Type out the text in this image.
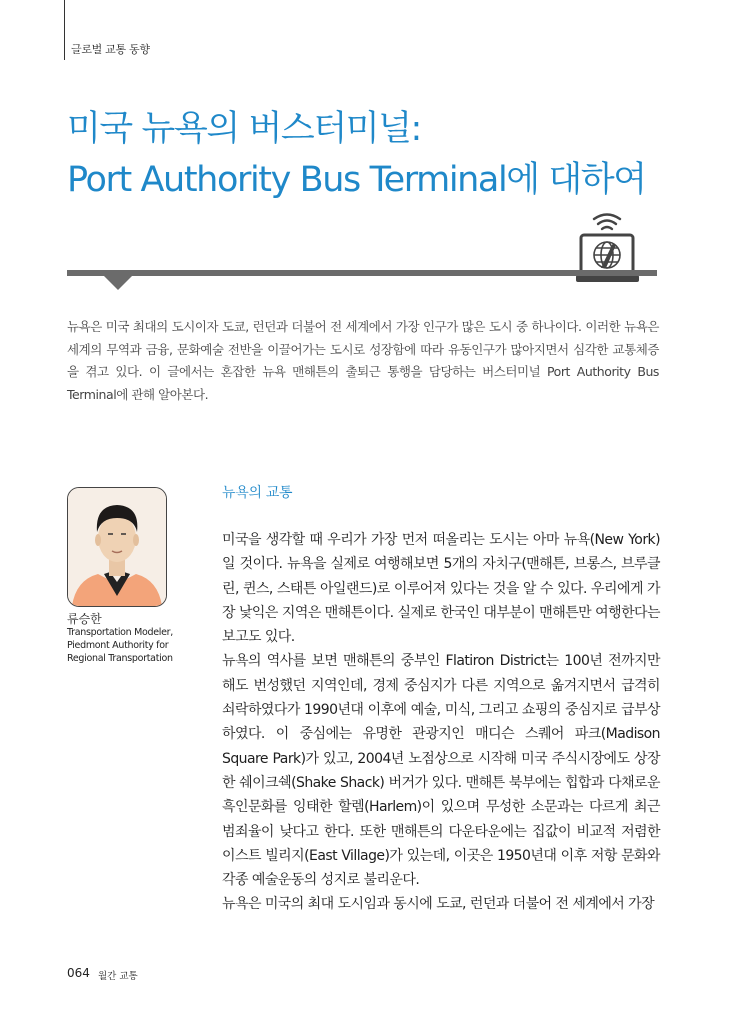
글로벌 교통 동향
미국 뉴욕의 버스터미널:
Port Authority Bus Terminal에 대하여

뉴욕은 미국 최대의 도시이자 도쿄, 런던과 더불어 전 세계에서 가장 인구가 많은 도시 중 하나이다. 이러한 뉴욕은 세계의 무역과 금융, 문화예술 전반을 이끌어가는 도시로 성장함에 따라 유동인구가 많아지면서 심각한 교통체증을 겪고 있다. 이 글에서는 혼잡한 뉴욕 맨해튼의 출퇴근 통행을 담당하는 버스터미널 Port Authority Bus Terminal에 관해 알아본다.

류승한
Transportation Modeler, Piedmont Authority for Regional Transportation
뉴욕의 교통

미국을 생각할 때 우리가 가장 먼저 떠올리는 도시는 아마 뉴욕(New York)일 것이다. 뉴욕을 실제로 여행해보면 5개의 자치구(맨해튼, 브롱스, 브루클린, 퀸스, 스태튼 아일랜드)로 이루어져 있다는 것을 알 수 있다. 우리에게 가장 낯익은 지역은 맨해튼이다. 실제로 한국인 대부분이 맨해튼만 여행한다는 보고도 있다.

뉴욕의 역사를 보면 맨해튼의 중부인 Flatiron District는 100년 전까지만 해도 번성했던 지역인데, 경제 중심지가 다른 지역으로 옮겨지면서 급격히 쇠락하였다가 1990년대 이후에 예술, 미식, 그리고 쇼핑의 중심지로 급부상하였다. 이 중심에는 유명한 관광지인 매디슨 스퀘어 파크(Madison Square Park)가 있고, 2004년 노점상으로 시작해 미국 주식시장에도 상장한 쉐이크쉑(Shake Shack) 버거가 있다. 맨해튼 북부에는 힙합과 다채로운 흑인문화를 잉태한 할렘(Harlem)이 있으며 무성한 소문과는 다르게 최근 범죄율이 낮다고 한다. 또한 맨해튼의 다운타운에는 집값이 비교적 저렴한 이스트 빌리지(East Village)가 있는데, 이곳은 1950년대 이후 저항 문화와 각종 예술운동의 성지로 불리운다.

뉴욕은 미국의 최대 도시임과 동시에 도쿄, 런던과 더불어 전 세계에서 가장

064 월간 교통
